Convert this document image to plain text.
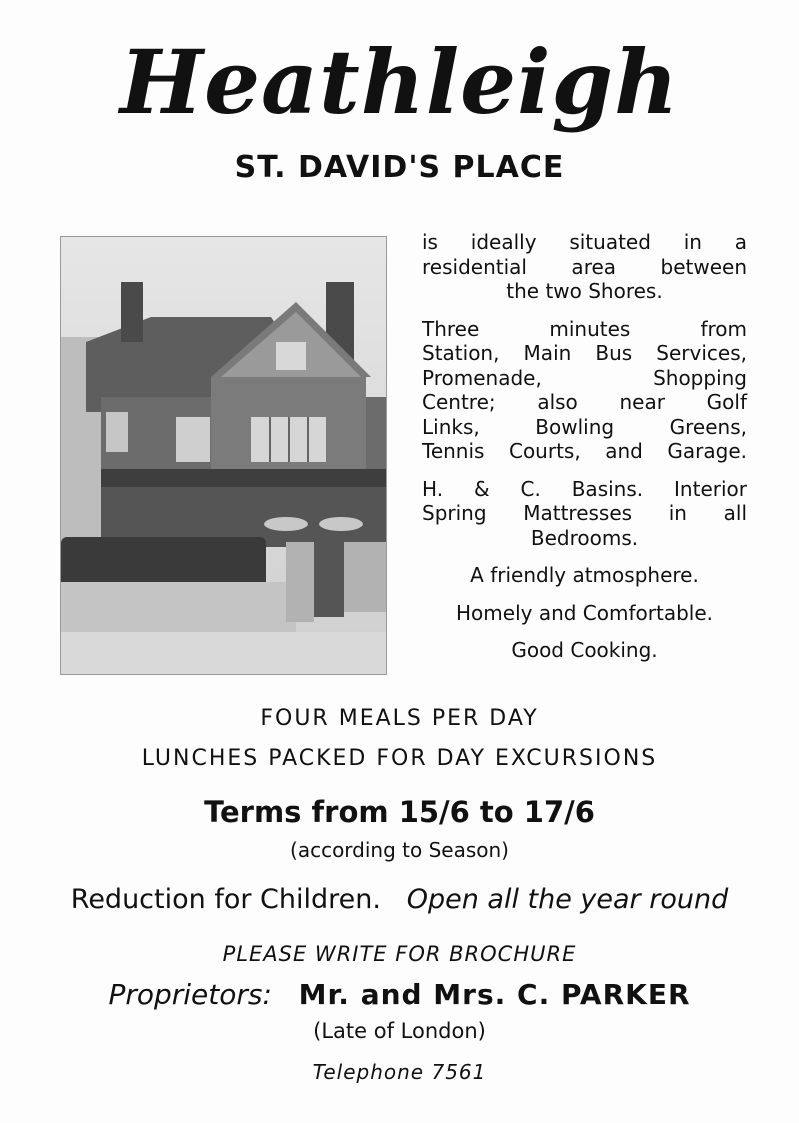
Heathleigh
ST. DAVID'S PLACE

is ideally situated in a
residential area between
the two Shores.

Three minutes from
Station, Main Bus Services,
Promenade, Shopping
Centre; also near Golf
Links, Bowling Greens,
Tennis Courts, and Garage.

H. & C. Basins. Interior
Spring Mattresses in all
Bedrooms.

A friendly atmosphere.

Homely and Comfortable.

Good Cooking.

FOUR MEALS PER DAY
LUNCHES PACKED FOR DAY EXCURSIONS
Terms from 15/6 to 17/6
(according to Season)
Reduction for Children. Open all the year round
PLEASE WRITE FOR BROCHURE
Proprietors: Mr. and Mrs. C. PARKER
(Late of London)
Telephone 7561
